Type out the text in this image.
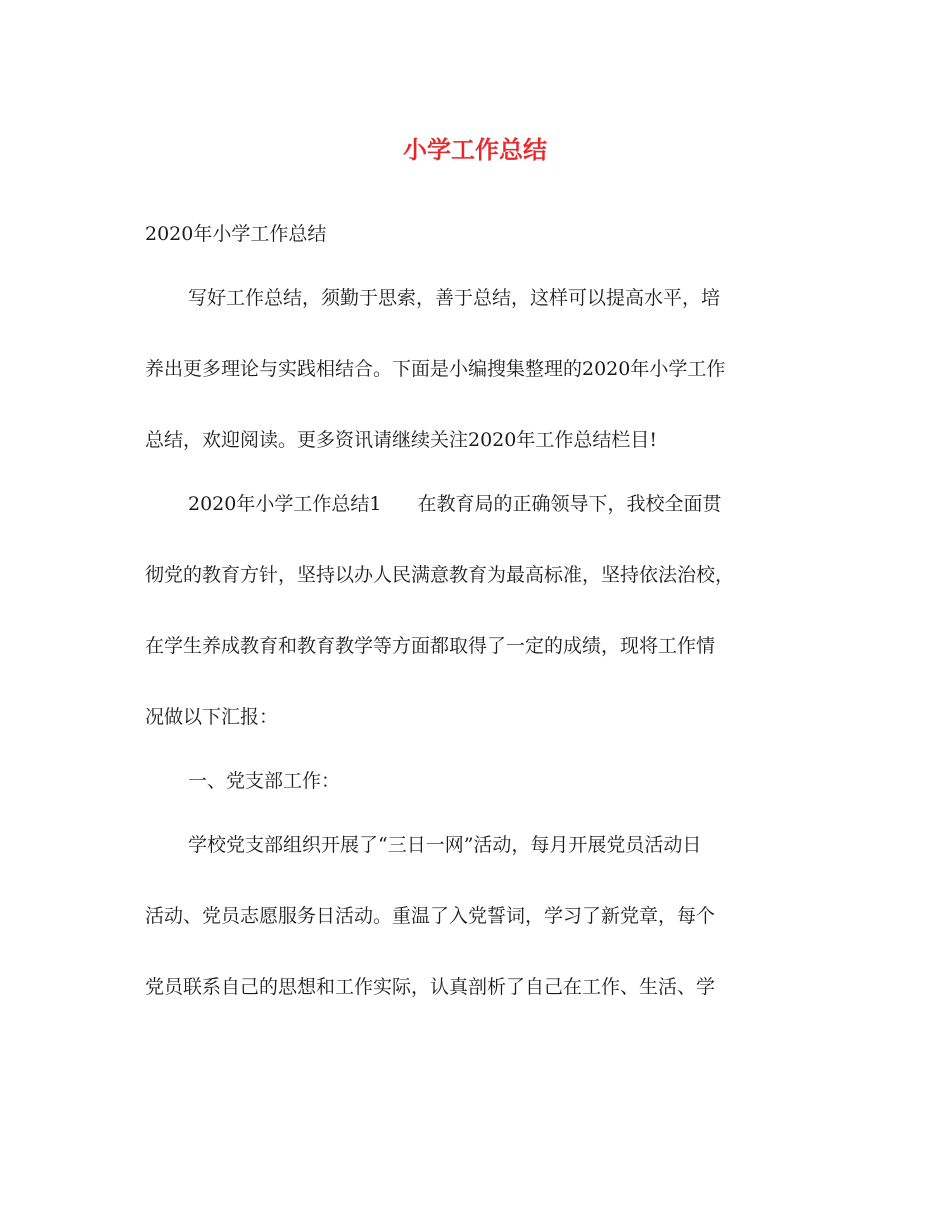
小学工作总结

2020年小学工作总结

写好工作总结，须勤于思索，善于总结，这样可以提高水平，培

养出更多理论与实践相结合。下面是小编搜集整理的2020年小学工作

总结，欢迎阅读。更多资讯请继续关注2020年工作总结栏目!

2020年小学工作总结1 在教育局的正确领导下，我校全面贯

彻党的教育方针，坚持以办人民满意教育为最高标准，坚持依法治校，

在学生养成教育和教育教学等方面都取得了一定的成绩，现将工作情

况做以下汇报：

一、党支部工作：

学校党支部组织开展了“三日一网”活动，每月开展党员活动日

活动、党员志愿服务日活动。重温了入党誓词，学习了新党章，每个

党员联系自己的思想和工作实际，认真剖析了自己在工作、生活、学
